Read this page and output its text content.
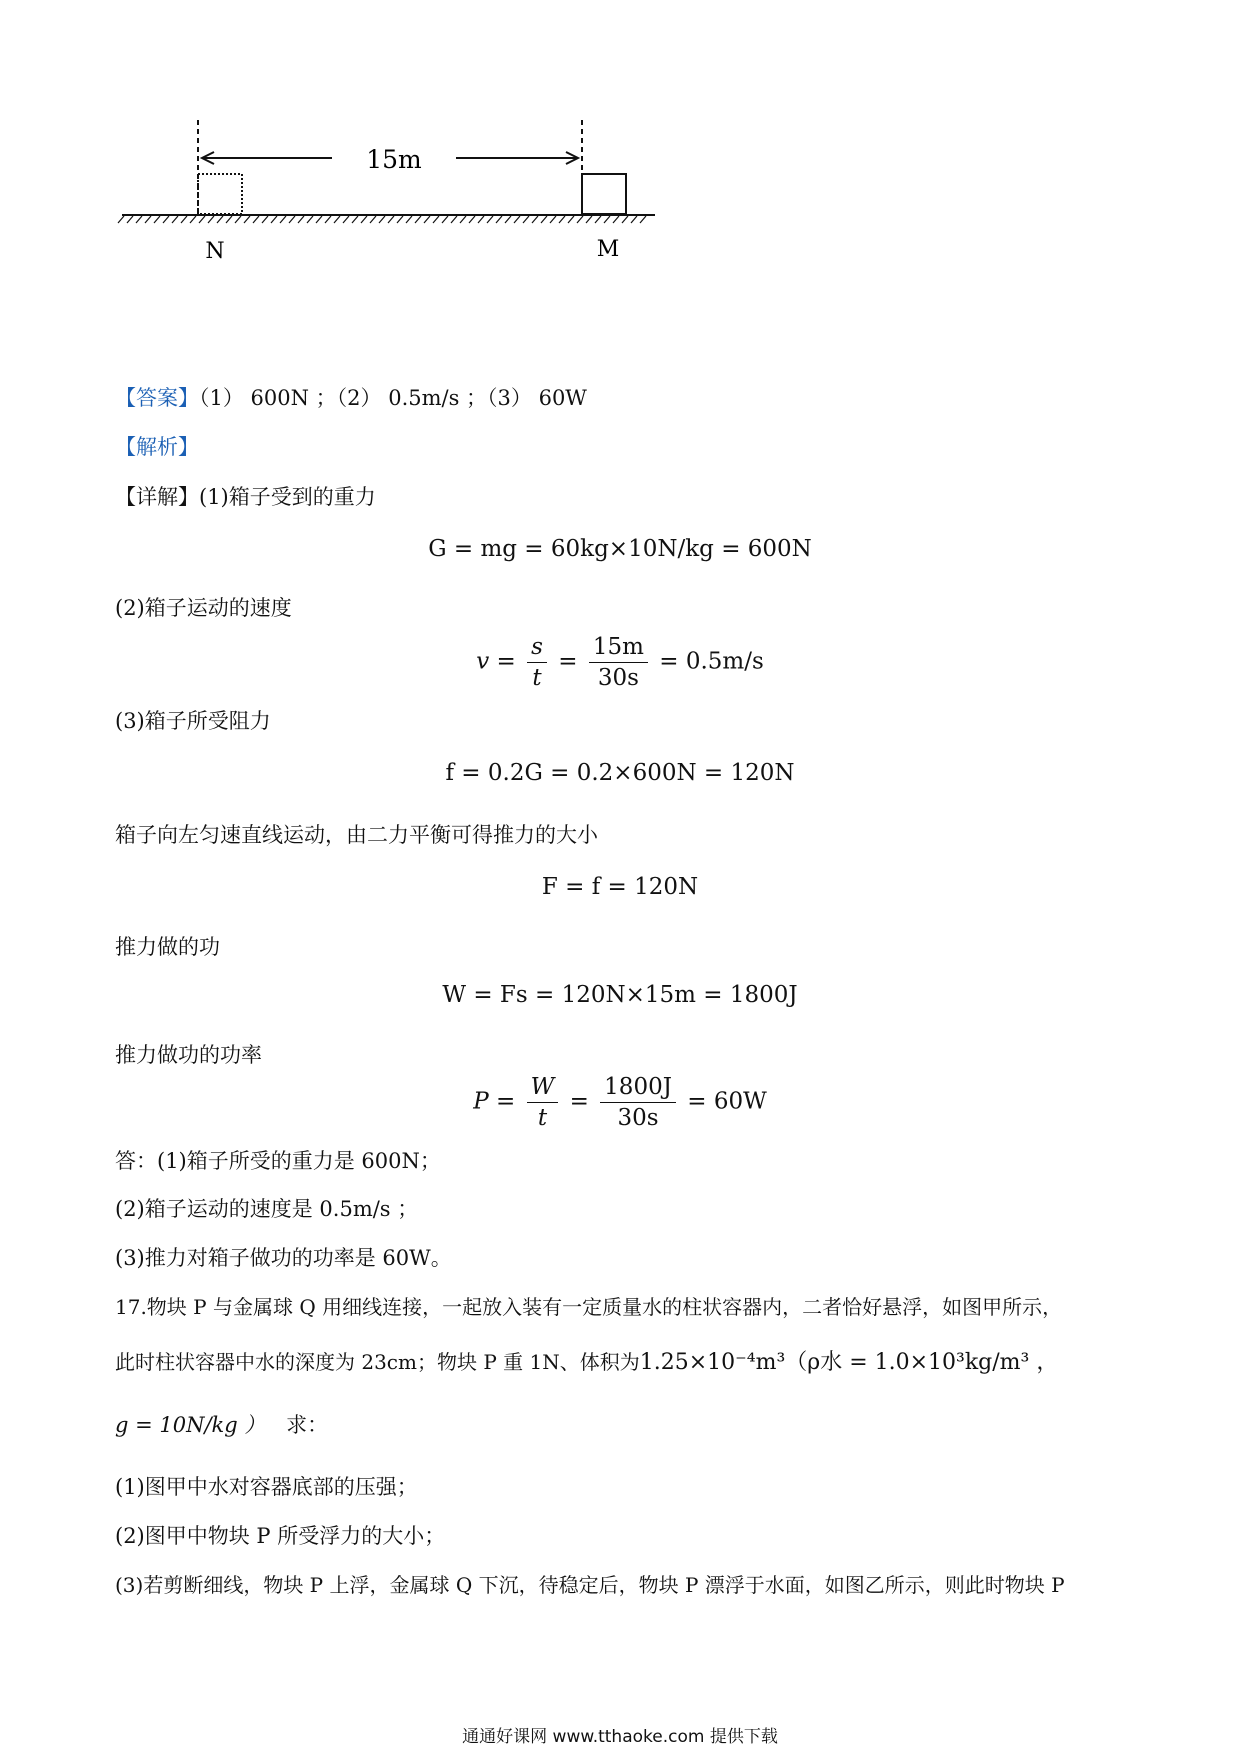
15m
N	M
【答案】（1） 600N ；（2） 0.5m/s ；（3） 60W
【解析】
【详解】(1)箱子受到的重力
G = mg = 60kg×10N/kg = 600N
(2)箱子运动的速度
$v = \frac{s}{t} = \frac{15m}{30s} = 0.5m/s$
(3)箱子所受阻力
f = 0.2G = 0.2×600N = 120N
箱子向左匀速直线运动，由二力平衡可得推力的大小
F = f = 120N
推力做的功
W = Fs = 120N×15m = 1800J
推力做功的功率
$P = \frac{W}{t} = \frac{1800J}{30s} = 60W$
答：(1)箱子所受的重力是 600N；
(2)箱子运动的速度是 0.5m/s ；
(3)推力对箱子做功的功率是 60W。
17.物块 P 与金属球 Q 用细线连接，一起放入装有一定质量水的柱状容器内，二者恰好悬浮，如图甲所示，
此时柱状容器中水的深度为 23cm；物块 P 重 1N、体积为1.25×10⁻⁴m³（ρ水 = 1.0×10³kg/m³ ，
g = 10N/kg ） 求：
(1)图甲中水对容器底部的压强；
(2)图甲中物块 P 所受浮力的大小；
(3)若剪断细线，物块 P 上浮，金属球 Q 下沉，待稳定后，物块 P 漂浮于水面，如图乙所示，则此时物块 P
通通好课网 www.tthaoke.com 提供下载
